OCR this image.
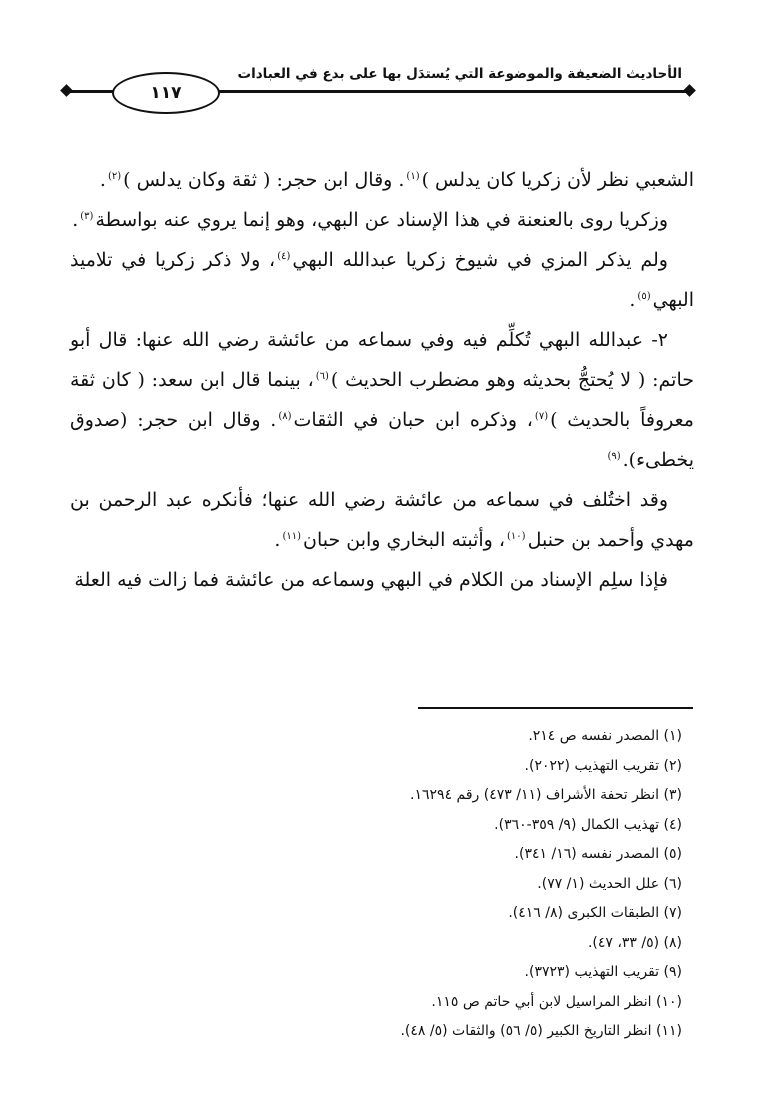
الأحاديث الضعيفة والموضوعة التي يُستدَل بها على بدع في العبادات
١١٧

الشعبي نظر لأن زكريا كان يدلس )$^{(١)}$. وقال ابن حجر: ( ثقة وكان يدلس )$^{(٢)}$.

وزكريا روى بالعنعنة في هذا الإسناد عن البهي، وهو إنما يروي عنه بواسطة$^{(٣)}$.

ولم يذكر المزي في شيوخ زكريا عبدالله البهي$^{(٤)}$، ولا ذكر زكريا في تلاميذ البهي$^{(٥)}$.

٢- عبدالله البهي تُكلِّم فيه وفي سماعه من عائشة رضي الله عنها: قال أبو حاتم: ( لا يُحتجُّ بحديثه وهو مضطرب الحديث )$^{(٦)}$، بينما قال ابن سعد: ( كان ثقة معروفاً بالحديث )$^{(٧)}$، وذكره ابن حبان في الثقات$^{(٨)}$. وقال ابن حجر: (صدوق يخطىء).$^{(٩)}$

وقد اختُلف في سماعه من عائشة رضي الله عنها؛ فأنكره عبد الرحمن بن مهدي وأحمد بن حنبل$^{(١٠)}$، وأثبته البخاري وابن حبان$^{(١١)}$.

فإذا سلِم الإسناد من الكلام في البهي وسماعه من عائشة فما زالت فيه العلة

(١) المصدر نفسه ص ٢١٤.
(٢) تقريب التهذيب (٢٠٢٢).
(٣) انظر تحفة الأشراف (١١/ ٤٧٣) رقم ١٦٢٩٤.
(٤) تهذيب الكمال (٩/ ٣٥٩-٣٦٠).
(٥) المصدر نفسه (١٦/ ٣٤١).
(٦) علل الحديث (١/ ٧٧).
(٧) الطبقات الكبرى (٨/ ٤١٦).
(٨) (٥/ ٣٣، ٤٧).
(٩) تقريب التهذيب (٣٧٢٣).
(١٠) انظر المراسيل لابن أبي حاتم ص ١١٥.
(١١) انظر التاريخ الكبير (٥/ ٥٦) والثقات (٥/ ٤٨).
